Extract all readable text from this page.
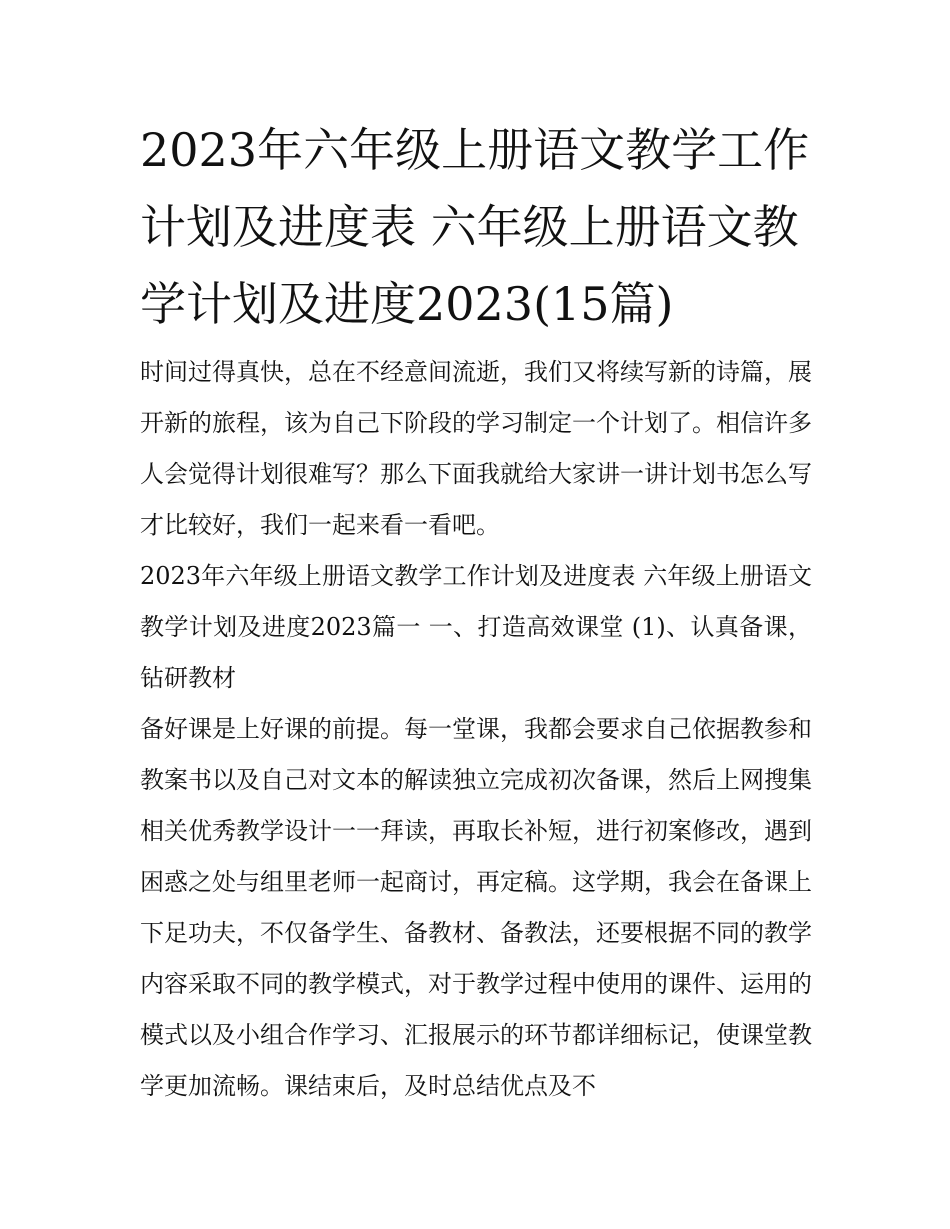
2023年六年级上册语文教学工作计划及进度表 六年级上册语文教学计划及进度2023(15篇)

时间过得真快，总在不经意间流逝，我们又将续写新的诗篇，展开新的旅程，该为自己下阶段的学习制定一个计划了。相信许多人会觉得计划很难写？那么下面我就给大家讲一讲计划书怎么写才比较好，我们一起来看一看吧。

2023年六年级上册语文教学工作计划及进度表 六年级上册语文教学计划及进度2023篇一 一、打造高效课堂 (1)、认真备课，钻研教材

备好课是上好课的前提。每一堂课，我都会要求自己依据教参和教案书以及自己对文本的解读独立完成初次备课，然后上网搜集相关优秀教学设计一一拜读，再取长补短，进行初案修改，遇到困惑之处与组里老师一起商讨，再定稿。这学期，我会在备课上下足功夫，不仅备学生、备教材、备教法，还要根据不同的教学内容采取不同的教学模式，对于教学过程中使用的课件、运用的模式以及小组合作学习、汇报展示的环节都详细标记，使课堂教学更加流畅。课结束后，及时总结优点及不
